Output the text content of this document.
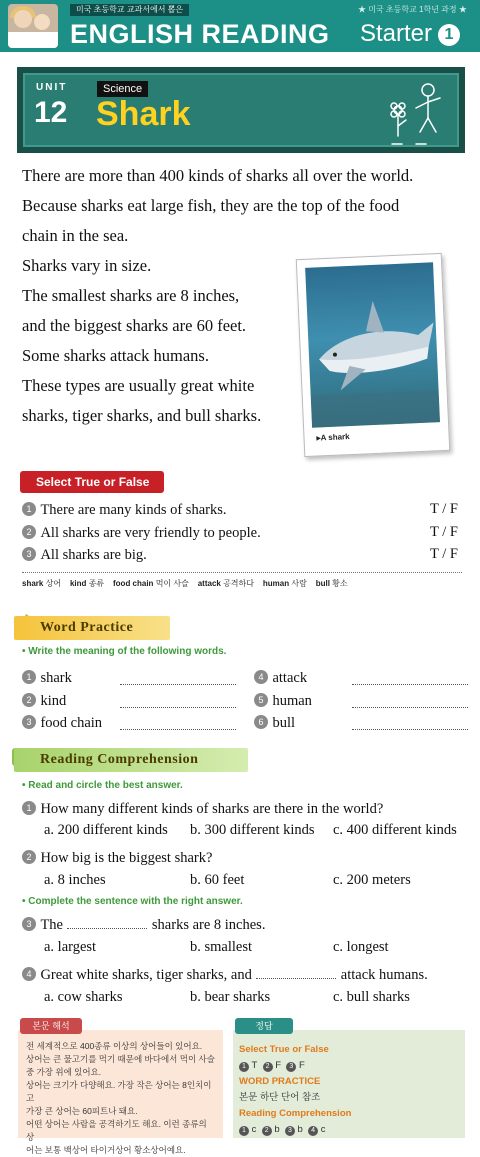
미국 초등학교 교과서에서 뽑은	★ 미국 초등학교 1학년 과정 ★
ENGLISH READING Starter 1
UNIT
12
Science
Shark
There are more than 400 kinds of sharks all over the world.
Because sharks eat large fish, they are the top of the food
chain in the sea.
Sharks vary in size.
The smallest sharks are 8 inches,
and the biggest sharks are 60 feet.
Some sharks attack humans.
These types are usually great white
sharks, tiger sharks, and bull sharks.
▸A shark
Select True or False
1 There are many kinds of sharks.	T / F
2 All sharks are very friendly to people.	T / F
3 All sharks are big.	T / F
shark 상어 kind 종류 food chain 먹이 사슬 attack 공격하다 human 사람 bull 황소
Word Practice
• Write the meaning of the following words.
1 shark
2 kind
3 food chain
4 attack
5 human
6 bull
Reading Comprehension
• Read and circle the best answer.
1 How many different kinds of sharks are there in the world?
a. 200 different kinds b. 300 different kinds c. 400 different kinds
2 How big is the biggest shark?
a. 8 inches	b. 60 feet	c. 200 meters
• Complete the sentence with the right answer.
3 The	sharks are 8 inches.
a. largest	b. smallest	c. longest
4 Great white sharks, tiger sharks, and	attack humans.
a. cow sharks	b. bear sharks	c. bull sharks
전 세계적으로 400종류 이상의 상어들이 있어요.
상어는 큰 물고기를 먹기 때문에 바다에서 먹이 사슬
중 가장 위에 있어요.
상어는 크기가 다양해요. 가장 작은 상어는 8인치이고
가장 큰 상어는 60피트나 돼요.
어떤 상어는 사람을 공격하기도 해요. 이런 종류의 상
어는 보통 백상어 타이거상어 황소상어예요.
본문 해석
Select True or False
1 T 2 F 3 F
WORD PRACTICE
본문 하단 단어 참조
Reading Comprehension
1 c 2 b 3 b 4 c
정답
